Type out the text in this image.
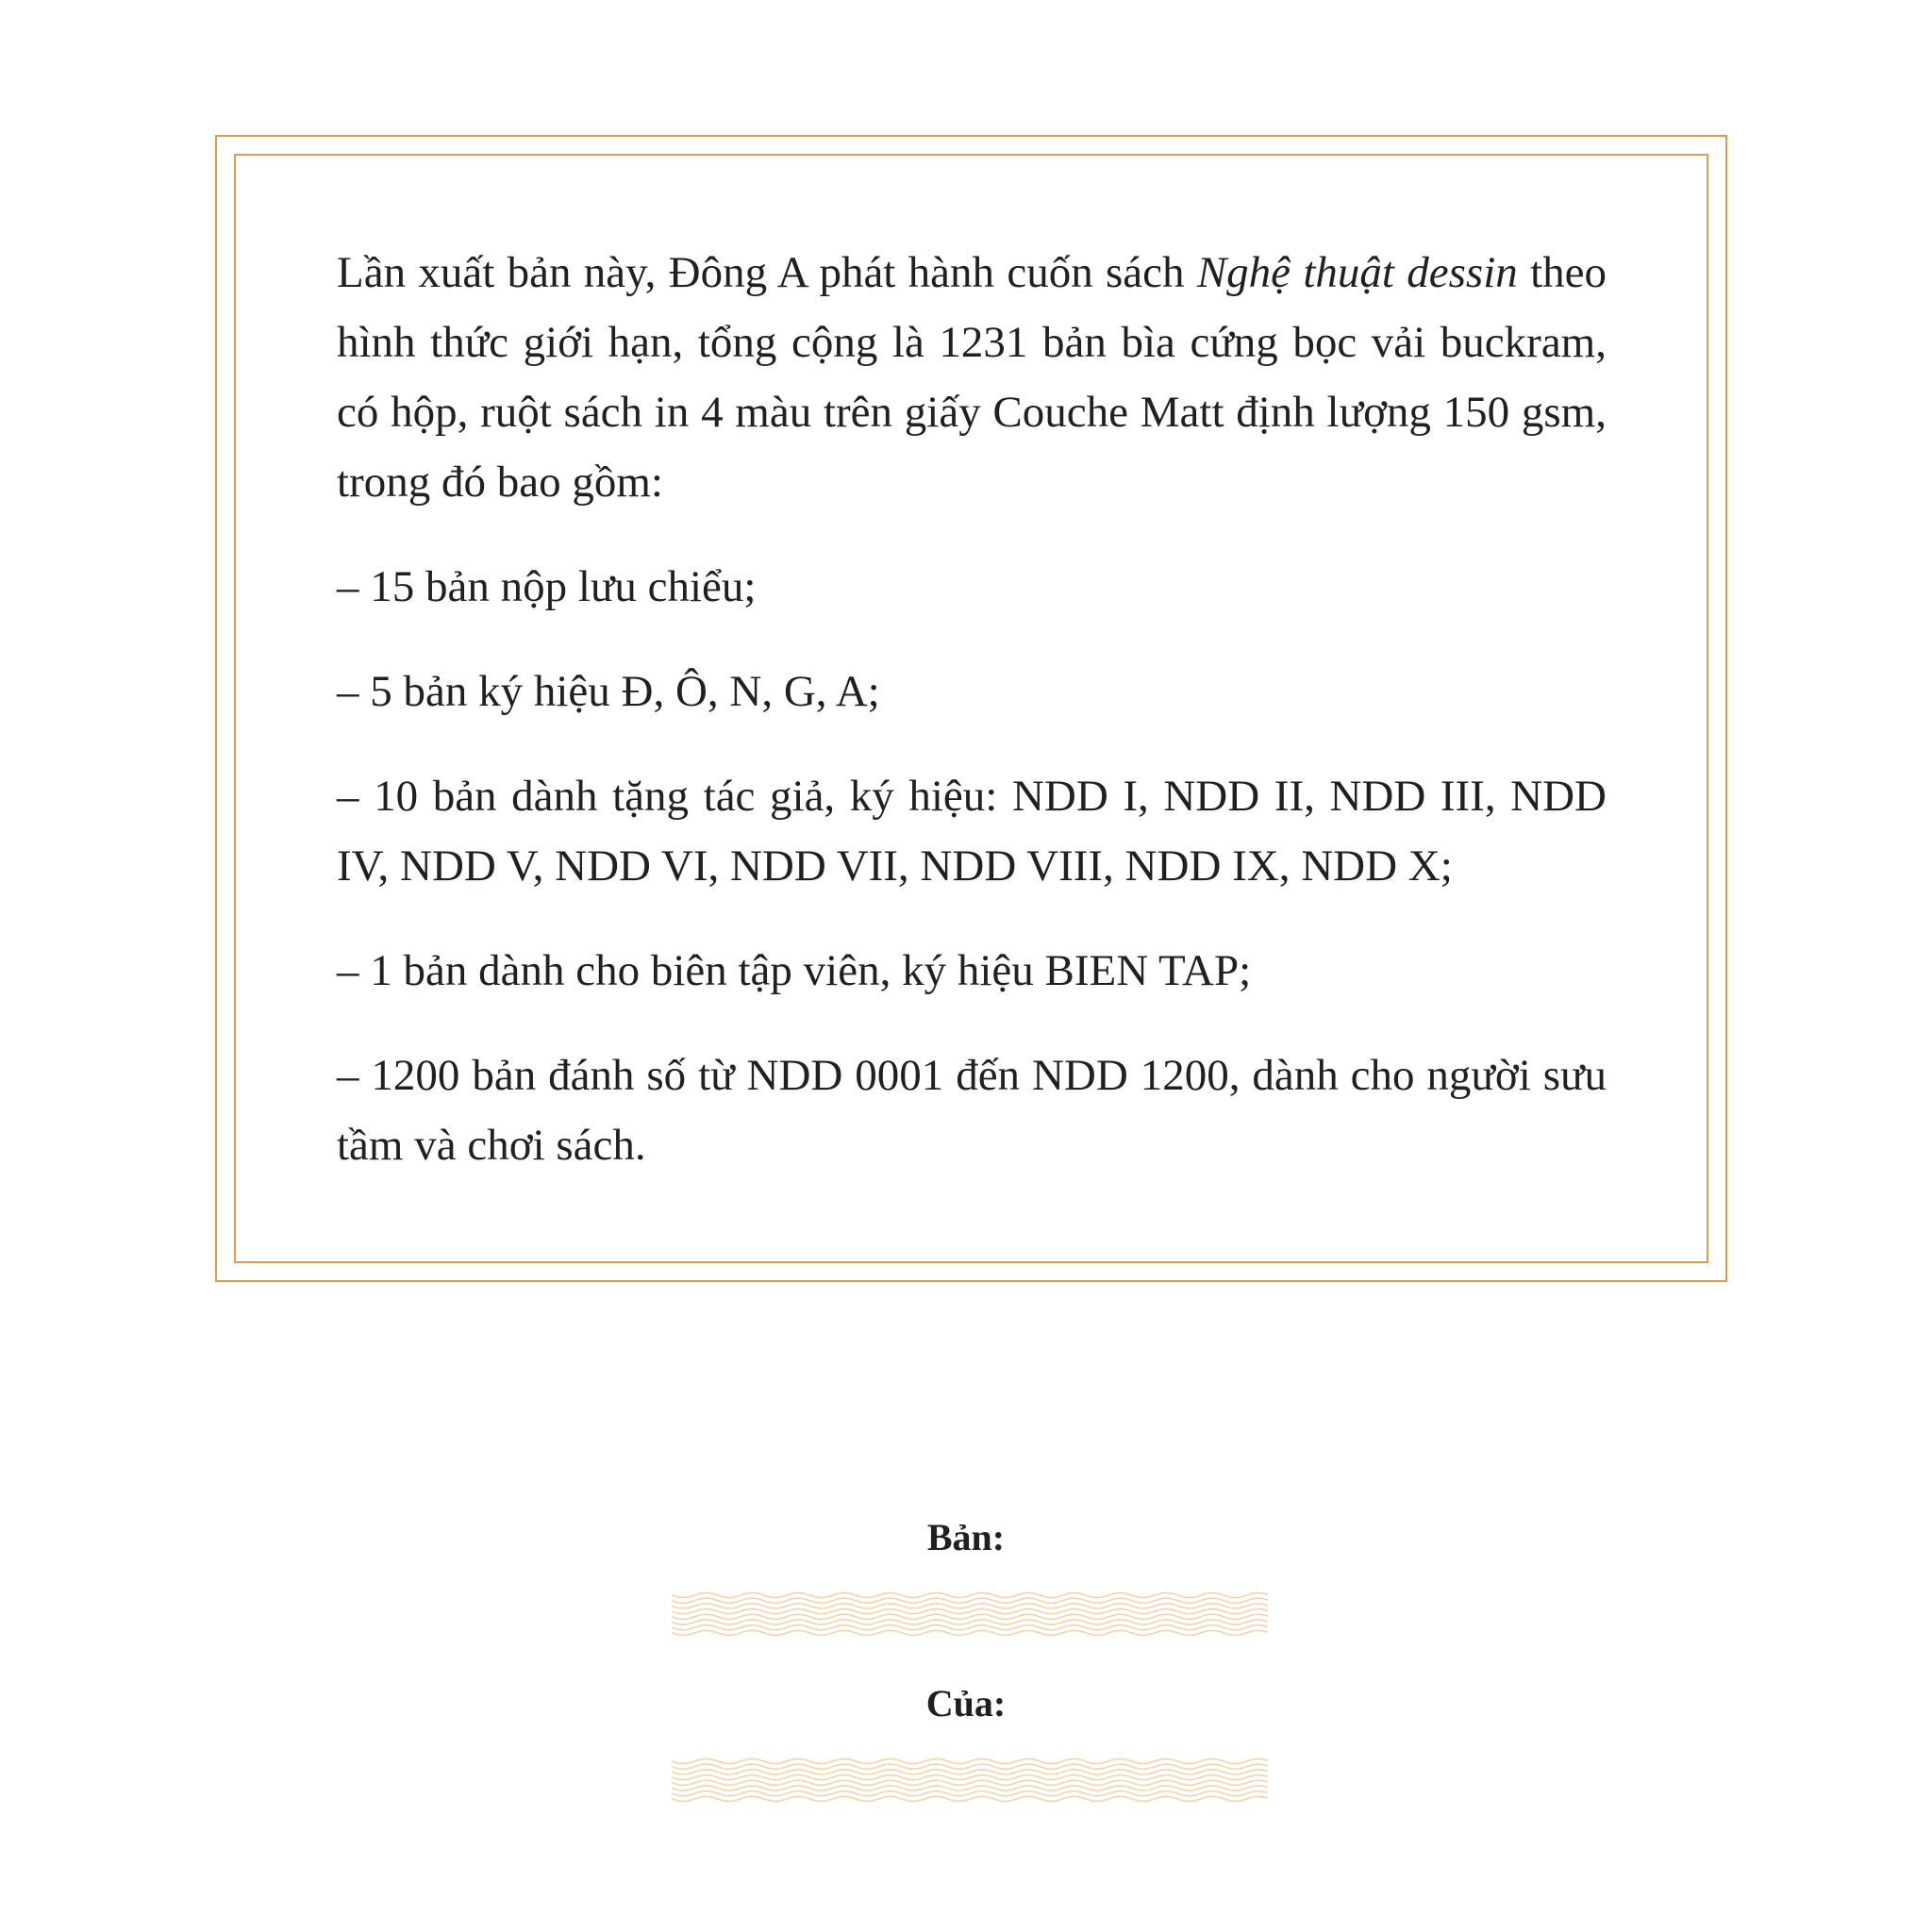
Lần xuất bản này, Đông A phát hành cuốn sách Nghệ thuật dessin theo hình thức giới hạn, tổng cộng là 1231 bản bìa cứng bọc vải buckram, có hộp, ruột sách in 4 màu trên giấy Couche Matt định lượng 150 gsm, trong đó bao gồm:

– 15 bản nộp lưu chiểu;

– 5 bản ký hiệu Đ, Ô, N, G, A;

– 10 bản dành tặng tác giả, ký hiệu: NDD I, NDD II, NDD III, NDD IV, NDD V, NDD VI, NDD VII, NDD VIII, NDD IX, NDD X;

– 1 bản dành cho biên tập viên, ký hiệu BIEN TAP;

– 1200 bản đánh số từ NDD 0001 đến NDD 1200, dành cho người sưu tầm và chơi sách.

Bản:
Của:
